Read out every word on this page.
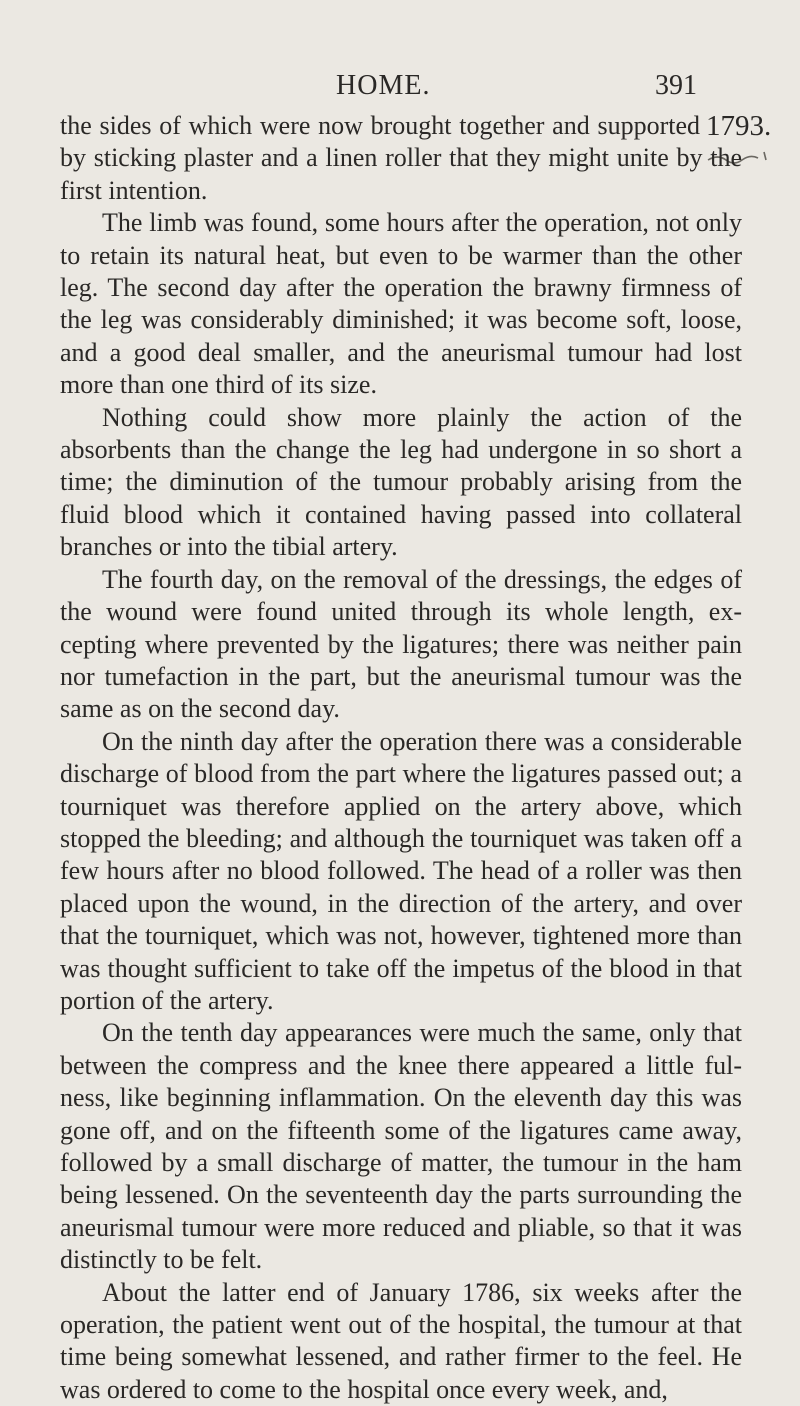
HOME.	391
1793.

the sides of which were now brought together and supported
by sticking plaster and a linen roller that they might unite by the first intention.

The limb was found, some hours after the operation, not only to retain its natural heat, but even to be warmer than the other leg. The second day after the operation the brawny firmness of the leg was considerably diminished; it was become soft, loose, and a good deal smaller, and the aneurismal tumour had lost more than one third of its size.

Nothing could show more plainly the action of the absorbents than the change the leg had undergone in so short a time; the diminution of the tumour probably arising from the fluid blood which it contained having passed into collateral branches or into the tibial artery.

The fourth day, on the removal of the dressings, the edges of the wound were found united through its whole length, ex- cepting where prevented by the ligatures; there was neither pain nor tumefaction in the part, but the aneurismal tumour was the same as on the second day.

On the ninth day after the operation there was a considerable discharge of blood from the part where the ligatures passed out; a tourniquet was therefore applied on the artery above, which stopped the bleeding; and although the tourniquet was taken off a few hours after no blood followed. The head of a roller was then placed upon the wound, in the direction of the artery, and over that the tourniquet, which was not, however, tightened more than was thought sufficient to take off the impetus of the blood in that portion of the artery.

On the tenth day appearances were much the same, only that between the compress and the knee there appeared a little ful- ness, like beginning inflammation. On the eleventh day this was gone off, and on the fifteenth some of the ligatures came away, followed by a small discharge of matter, the tumour in the ham being lessened. On the seventeenth day the parts surrounding the aneurismal tumour were more reduced and pliable, so that it was distinctly to be felt.

About the latter end of January 1786, six weeks after the operation, the patient went out of the hospital, the tumour at that time being somewhat lessened, and rather firmer to the feel. He was ordered to come to the hospital once every week, and,
